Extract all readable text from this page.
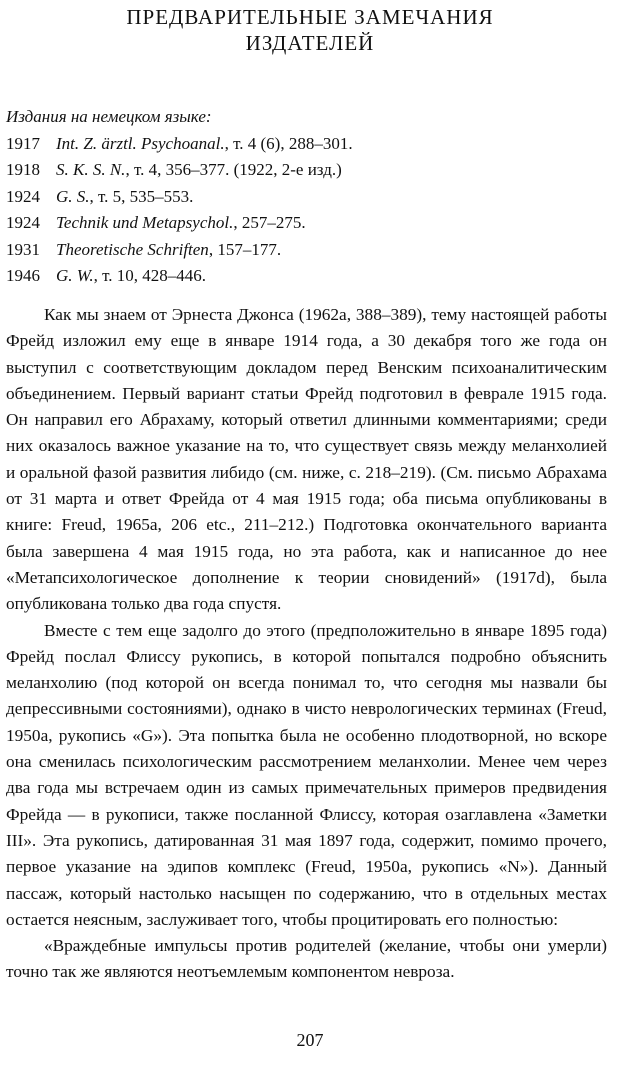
ПРЕДВАРИТЕЛЬНЫЕ ЗАМЕЧАНИЯ
ИЗДАТЕЛЕЙ
Издания на немецком языке:
1917 Int. Z. ärztl. Psychoanal., т. 4 (6), 288–301.
1918 S. K. S. N., т. 4, 356–377. (1922, 2-е изд.)
1924 G. S., т. 5, 535–553.
1924 Technik und Metapsychol., 257–275.
1931 Theoretische Schriften, 157–177.
1946 G. W., т. 10, 428–446.

Как мы знаем от Эрнеста Джонса (1962a, 388–389), тему настоящей работы Фрейд изложил ему еще в январе 1914 года, а 30 декабря того же года он выступил с соответствующим докладом перед Венским психоаналитическим объединением. Первый вариант статьи Фрейд подготовил в феврале 1915 года. Он направил его Абрахаму, который ответил длинными комментариями; среди них оказалось важное указание на то, что существует связь между меланхолией и оральной фазой развития либидо (см. ниже, с. 218–219). (См. письмо Абрахама от 31 марта и ответ Фрейда от 4 мая 1915 года; оба письма опубликованы в книге: Freud, 1965a, 206 etc., 211–212.) Подготовка окончательного варианта была завершена 4 мая 1915 года, но эта работа, как и написанное до нее «Метапсихологическое дополнение к теории сновидений» (1917d), была опубликована только два года спустя.

Вместе с тем еще задолго до этого (предположительно в январе 1895 года) Фрейд послал Флиссу рукопись, в которой попытался подробно объяснить меланхолию (под которой он всегда понимал то, что сегодня мы назвали бы депрессивными состояниями), однако в чисто неврологических терминах (Freud, 1950a, рукопись «G»). Эта попытка была не особенно плодотворной, но вскоре она сменилась психологическим рассмотрением меланхолии. Менее чем через два года мы встречаем один из самых примечательных примеров предвидения Фрейда — в рукописи, также посланной Флиссу, которая озаглавлена «Заметки III». Эта рукопись, датированная 31 мая 1897 года, содержит, помимо прочего, первое указание на эдипов комплекс (Freud, 1950a, рукопись «N»). Данный пассаж, который настолько насыщен по содержанию, что в отдельных местах остается неясным, заслуживает того, чтобы процитировать его полностью:

«Враждебные импульсы против родителей (желание, чтобы они умерли) точно так же являются неотъемлемым компонентом невроза.

207
